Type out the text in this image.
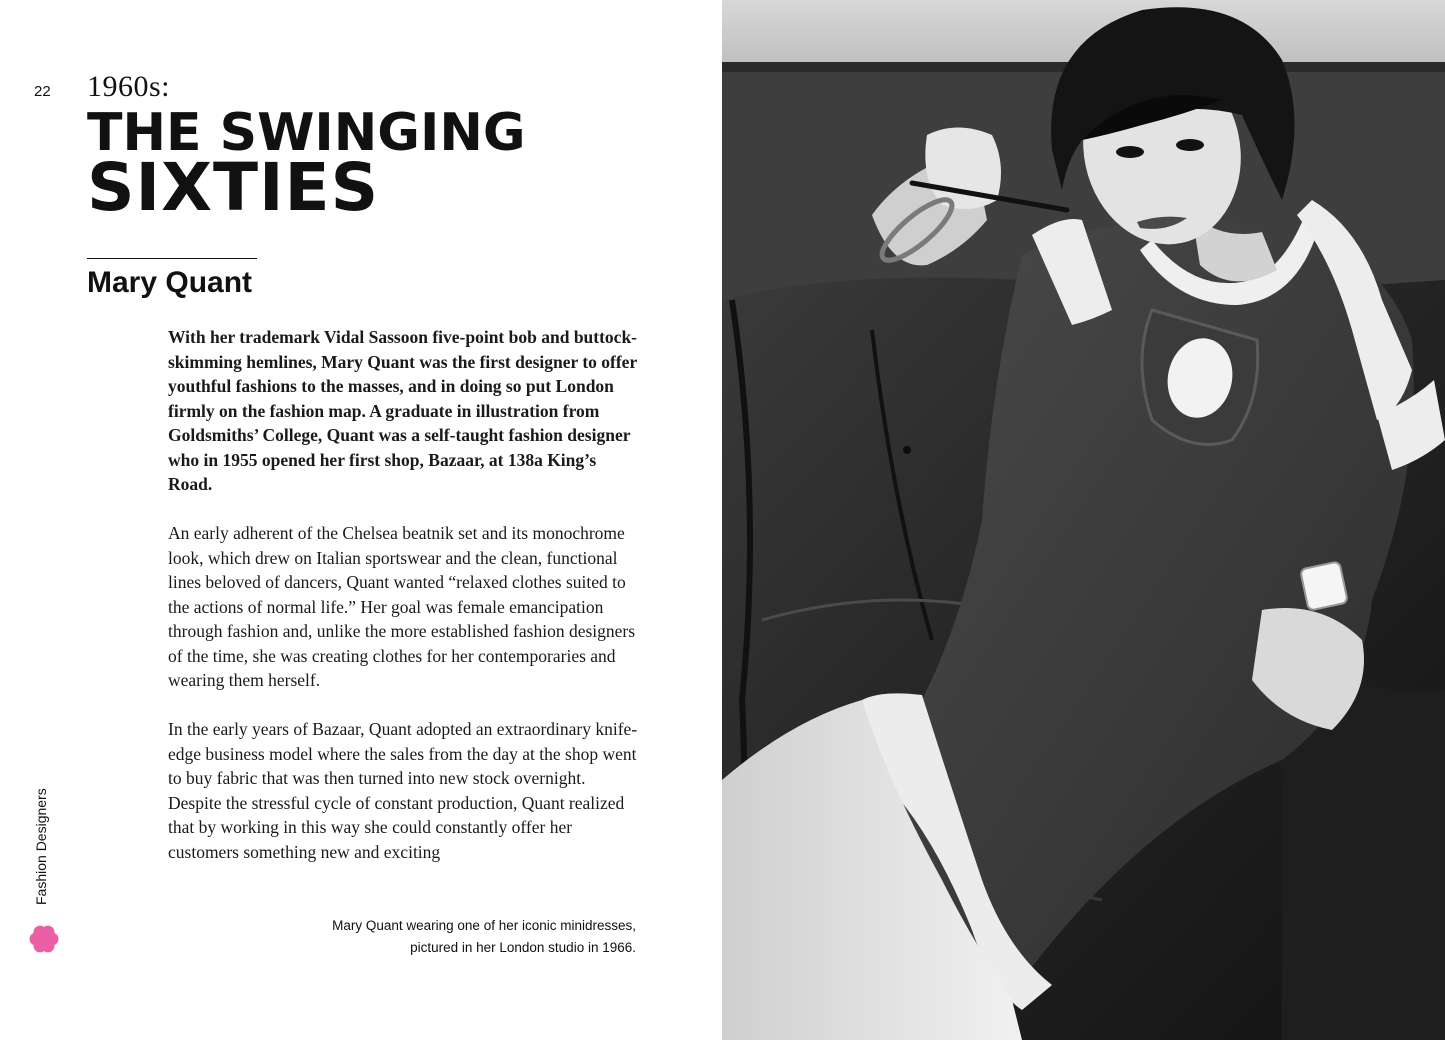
22 1960s:
THE SWINGING
SIXTIES
Mary Quant

With her trademark Vidal Sassoon five-point bob and buttock-skimming hemlines, Mary Quant was the first designer to offer youthful fashions to the masses, and in doing so put London firmly on the fashion map. A graduate in illustration from Goldsmiths’ College, Quant was a self-taught fashion designer who in 1955 opened her first shop, Bazaar, at 138a King’s Road.

An early adherent of the Chelsea beatnik set and its monochrome look, which drew on Italian sportswear and the clean, functional lines beloved of dancers, Quant wanted “relaxed clothes suited to the actions of normal life.” Her goal was female emancipation through fashion and, unlike the more established fashion designers of the time, she was creating clothes for her contemporaries and wearing them herself.

In the early years of Bazaar, Quant adopted an extraordinary knife-edge business model where the sales from the day at the shop went to buy fabric that was then turned into new stock overnight. Despite the stressful cycle of constant production, Quant realized that by working in this way she could constantly offer her customers something new and exciting

Mary Quant wearing one of her iconic minidresses,
pictured in her London studio in 1966.
Fashion Designers
